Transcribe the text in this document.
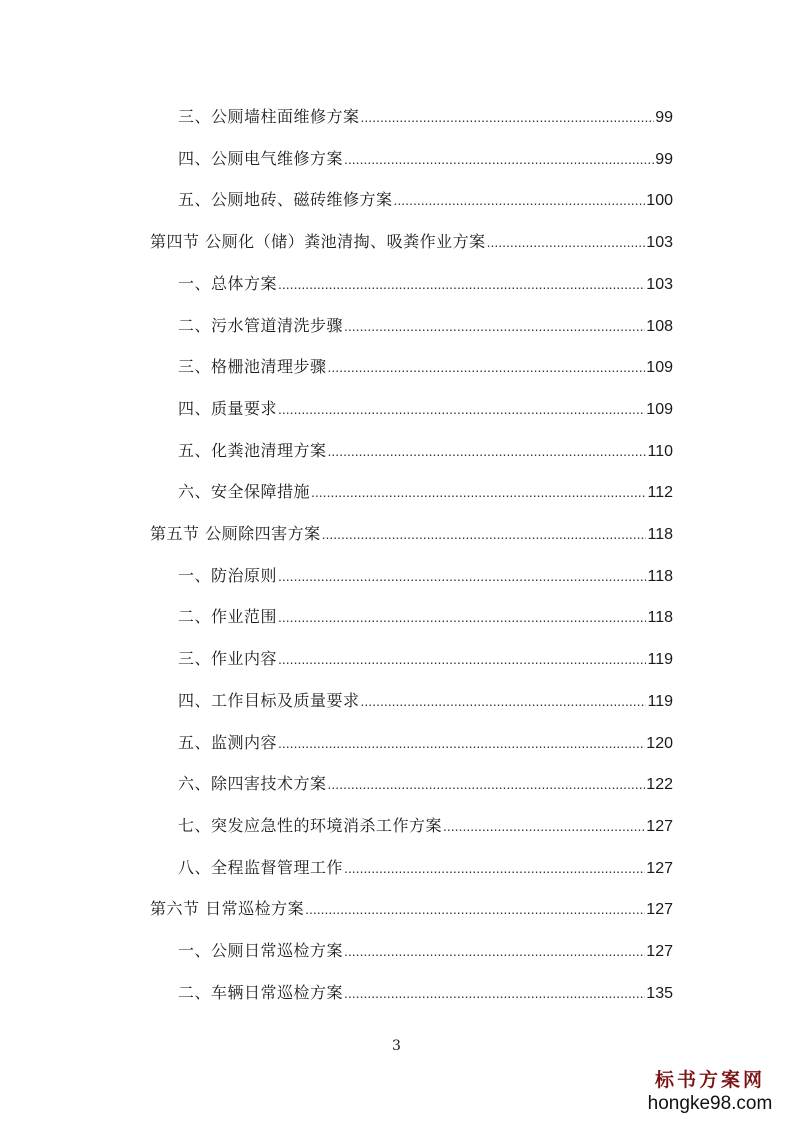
三、公厕墙柱面维修方案 .....	99
四、公厕电气维修方案 .....	99
五、公厕地砖、磁砖维修方案 .....	100
第四节 公厕化（储）粪池清掏、吸粪作业方案 .....	103
一、总体方案 .....	103
二、污水管道清洗步骤 .....	108
三、格栅池清理步骤 .....	109
四、质量要求 .....	109
五、化粪池清理方案 .....	110
六、安全保障措施 .....	112
第五节 公厕除四害方案 .....	118
一、防治原则 .....	118
二、作业范围 .....	118
三、作业内容 .....	119
四、工作目标及质量要求 .....	119
五、监测内容 .....	120
六、除四害技术方案 .....	122
七、突发应急性的环境消杀工作方案 .....	127
八、全程监督管理工作 .....	127
第六节 日常巡检方案 .....	127
一、公厕日常巡检方案 .....	127
二、车辆日常巡检方案 .....	135
3
标书方案网
hongke98.com
